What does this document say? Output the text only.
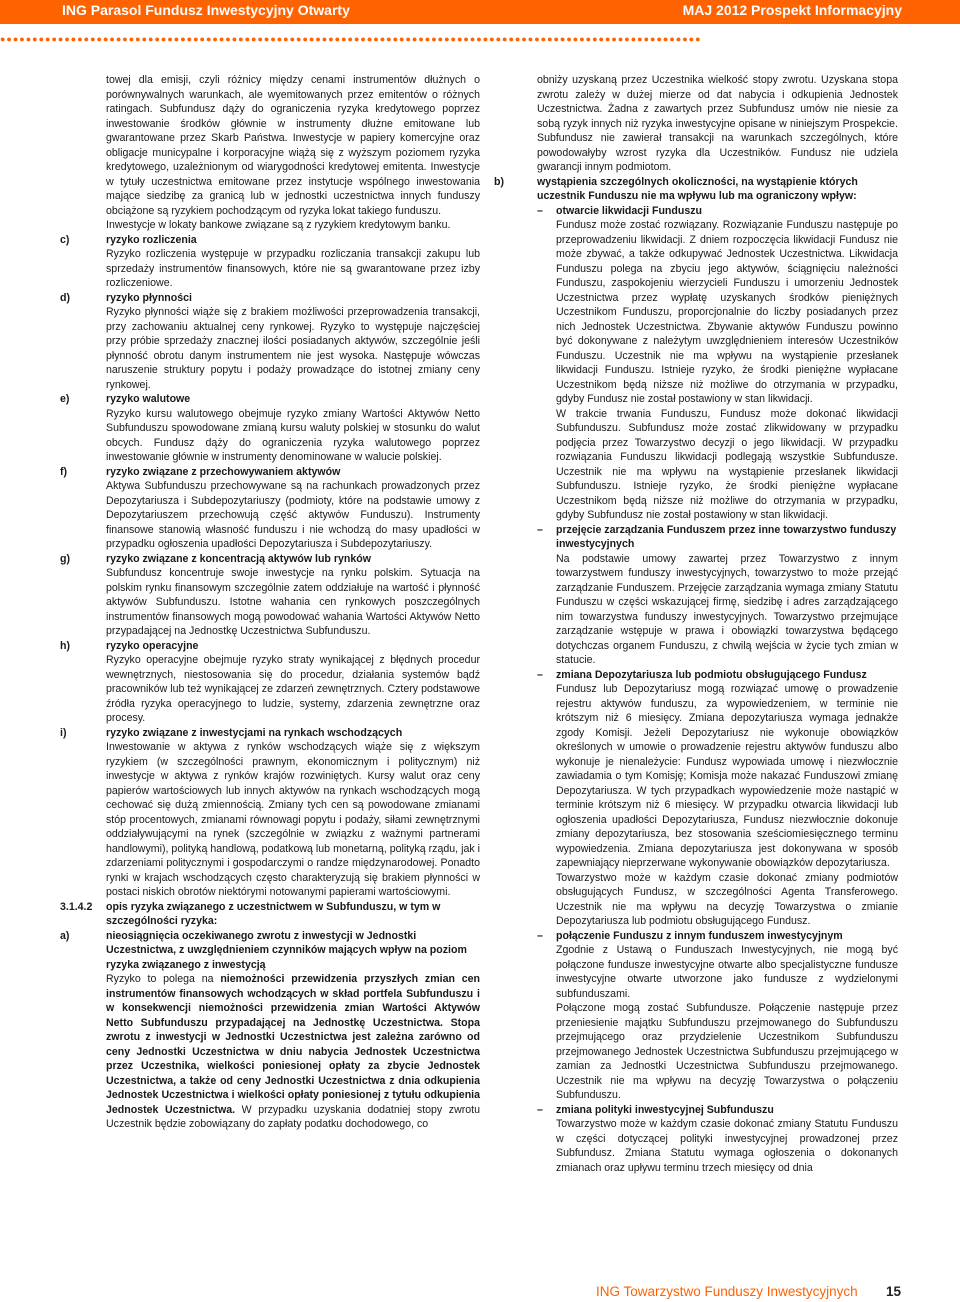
ING Parasol Fundusz Inwestycyjny Otwarty	MAJ 2012 Prospekt Informacyjny
●●●●●●●●●●●●●●●●●●●●●●●●●●●●●●●●●●●●●●●●●●●●●●●●●●●●●●●●●●●●●●●●●●●●●●●●●●●●●●●●●●●●●●●●●●●●●●●●●●●●●●●●●●●●●

towej dla emisji, czyli różnicy między cenami instrumentów dłużnych o porównywalnych warunkach, ale wyemitowanych przez emitentów o różnych ratingach. Subfundusz dąży do ograniczenia ryzyka kredytowego poprzez inwestowanie środków głównie w instrumenty dłużne emitowane lub gwarantowane przez Skarb Państwa. Inwestycje w papiery komercyjne oraz obligacje municypalne i korporacyjne wiążą się z wyższym poziomem ryzyka kredytowego, uzależnionym od wiarygodności kredytowej emitenta. Inwestycje w tytuły uczestnictwa emitowane przez instytucje wspólnego inwestowania mające siedzibę za granicą lub w jednostki uczestnictwa innych funduszy obciążone są ryzykiem pochodzącym od ryzyka lokat takiego funduszu.

Inwestycje w lokaty bankowe związane są z ryzykiem kredytowym banku.

c)	ryzyko rozliczenia

Ryzyko rozliczenia występuje w przypadku rozliczania transakcji zakupu lub sprzedaży instrumentów finansowych, które nie są gwarantowane przez izby rozliczeniowe.

d)	ryzyko płynności

Ryzyko płynności wiąże się z brakiem możliwości przeprowadzenia transakcji, przy zachowaniu aktualnej ceny rynkowej. Ryzyko to występuje najczęściej przy próbie sprzedaży znacznej ilości posiadanych aktywów, szczególnie jeśli płynność obrotu danym instrumentem nie jest wysoka. Następuje wówczas naruszenie struktury popytu i podaży prowadzące do istotnej zmiany ceny rynkowej.

e)	ryzyko walutowe

Ryzyko kursu walutowego obejmuje ryzyko zmiany Wartości Aktywów Netto Subfunduszu spowodowane zmianą kursu waluty polskiej w stosunku do walut obcych. Fundusz dąży do ograniczenia ryzyka walutowego poprzez inwestowanie głównie w instrumenty denominowane w walucie polskiej.

f)	ryzyko związane z przechowywaniem aktywów

Aktywa Subfunduszu przechowywane są na rachunkach prowadzonych przez Depozytariusza i Subdepozytariuszy (podmioty, które na podstawie umowy z Depozytariuszem przechowują część aktywów Funduszu). Instrumenty finansowe stanowią własność funduszu i nie wchodzą do masy upadłości w przypadku ogłoszenia upadłości Depozytariusza i Subdepozytariuszy.

g)	ryzyko związane z koncentracją aktywów lub rynków

Subfundusz koncentruje swoje inwestycje na rynku polskim. Sytuacja na polskim rynku finansowym szczególnie zatem oddziałuje na wartość i płynność aktywów Subfunduszu. Istotne wahania cen rynkowych poszczególnych instrumentów finansowych mogą powodować wahania Wartości Aktywów Netto przypadającej na Jednostkę Uczestnictwa Subfunduszu.

h)	ryzyko operacyjne

Ryzyko operacyjne obejmuje ryzyko straty wynikającej z błędnych procedur wewnętrznych, niestosowania się do procedur, działania systemów bądź pracowników lub też wynikającej ze zdarzeń zewnętrznych. Cztery podstawowe źródła ryzyka operacyjnego to ludzie, systemy, zdarzenia zewnętrzne oraz procesy.

i)	ryzyko związane z inwestycjami na rynkach wschodzących

Inwestowanie w aktywa z rynków wschodzących wiąże się z większym ryzykiem (w szczególności prawnym, ekonomicznym i politycznym) niż inwestycje w aktywa z rynków krajów rozwiniętych. Kursy walut oraz ceny papierów wartościowych lub innych aktywów na rynkach wschodzących mogą cechować się dużą zmiennością. Zmiany tych cen są powodowane zmianami stóp procentowych, zmianami równowagi popytu i podaży, siłami zewnętrznymi oddziaływującymi na rynek (szczególnie w związku z ważnymi partnerami handlowymi), polityką handlową, podatkową lub monetarną, polityką rządu, jak i zdarzeniami politycznymi i gospodarczymi o randze międzynarodowej. Ponadto rynki w krajach wschodzących często charakteryzują się brakiem płynności w postaci niskich obrotów niektórymi notowanymi papierami wartościowymi.

3.1.4.2 opis ryzyka związanego z uczestnictwem w Subfunduszu, w tym w szczególności ryzyka:

a)	nieosiągnięcia oczekiwanego zwrotu z inwestycji w Jednostki Uczestnictwa, z uwzględnieniem czynników mających wpływ na poziom ryzyka związanego z inwestycją

Ryzyko to polega na niemożności przewidzenia przyszłych zmian cen instrumentów finansowych wchodzących w skład portfela Subfunduszu i w konsekwencji niemożności przewidzenia zmian Wartości Aktywów Netto Subfunduszu przypadającej na Jednostkę Uczestnictwa. Stopa zwrotu z inwestycji w Jednostki Uczestnictwa jest zależna zarówno od ceny Jednostki Uczestnictwa w dniu nabycia Jednostek Uczestnictwa przez Uczestnika, wielkości poniesionej opłaty za zbycie Jednostek Uczestnictwa, a także od ceny Jednostki Uczestnictwa z dnia odkupienia Jednostek Uczestnictwa i wielkości opłaty poniesionej z tytułu odkupienia Jednostek Uczestnictwa. W przypadku uzyskania dodatniej stopy zwrotu Uczestnik będzie zobowiązany do zapłaty podatku dochodowego, co

obniży uzyskaną przez Uczestnika wielkość stopy zwrotu. Uzyskana stopa zwrotu zależy w dużej mierze od dat nabycia i odkupienia Jednostek Uczestnictwa. Żadna z zawartych przez Subfundusz umów nie niesie za sobą ryzyk innych niż ryzyka inwestycyjne opisane w niniejszym Prospekcie. Subfundusz nie zawierał transakcji na warunkach szczególnych, które powodowałyby wzrost ryzyka dla Uczestników. Fundusz nie udziela gwarancji innym podmiotom.

b)	wystąpienia szczególnych okoliczności, na wystąpienie których uczestnik Funduszu nie ma wpływu lub ma ograniczony wpływ:

– otwarcie likwidacji Funduszu

Fundusz może zostać rozwiązany. Rozwiązanie Funduszu następuje po przeprowadzeniu likwidacji. Z dniem rozpoczęcia likwidacji Fundusz nie może zbywać, a także odkupywać Jednostek Uczestnictwa. Likwidacja Funduszu polega na zbyciu jego aktywów, ściągnięciu należności Funduszu, zaspokojeniu wierzycieli Funduszu i umorzeniu Jednostek Uczestnictwa przez wypłatę uzyskanych środków pieniężnych Uczestnikom Funduszu, proporcjonalnie do liczby posiadanych przez nich Jednostek Uczestnictwa. Zbywanie aktywów Funduszu powinno być dokonywane z należytym uwzględnieniem interesów Uczestników Funduszu. Uczestnik nie ma wpływu na wystąpienie przesłanek likwidacji Funduszu. Istnieje ryzyko, że środki pieniężne wypłacane Uczestnikom będą niższe niż możliwe do otrzymania w przypadku, gdyby Fundusz nie został postawiony w stan likwidacji.

W trakcie trwania Funduszu, Fundusz może dokonać likwidacji Subfunduszu. Subfundusz może zostać zlikwidowany w przypadku podjęcia przez Towarzystwo decyzji o jego likwidacji. W przypadku rozwiązania Funduszu likwidacji podlegają wszystkie Subfundusze. Uczestnik nie ma wpływu na wystąpienie przesłanek likwidacji Subfunduszu. Istnieje ryzyko, że środki pieniężne wypłacane Uczestnikom będą niższe niż możliwe do otrzymania w przypadku, gdyby Subfundusz nie został postawiony w stan likwidacji.

– przejęcie zarządzania Funduszem przez inne towarzystwo funduszy inwestycyjnych

Na podstawie umowy zawartej przez Towarzystwo z innym towarzystwem funduszy inwestycyjnych, towarzystwo to może przejąć zarządzanie Funduszem. Przejęcie zarządzania wymaga zmiany Statutu Funduszu w części wskazującej firmę, siedzibę i adres zarządzającego nim towarzystwa funduszy inwestycyjnych. Towarzystwo przejmujące zarządzanie wstępuje w prawa i obowiązki towarzystwa będącego dotychczas organem Funduszu, z chwilą wejścia w życie tych zmian w statucie.

– zmiana Depozytariusza lub podmiotu obsługującego Fundusz

Fundusz lub Depozytariusz mogą rozwiązać umowę o prowadzenie rejestru aktywów funduszu, za wypowiedzeniem, w terminie nie krótszym niż 6 miesięcy. Zmiana depozytariusza wymaga jednakże zgody Komisji. Jeżeli Depozytariusz nie wykonuje obowiązków określonych w umowie o prowadzenie rejestru aktywów funduszu albo wykonuje je nienależycie: Fundusz wypowiada umowę i niezwłocznie zawiadamia o tym Komisję; Komisja może nakazać Funduszowi zmianę Depozytariusza. W tych przypadkach wypowiedzenie może nastąpić w terminie krótszym niż 6 miesięcy. W przypadku otwarcia likwidacji lub ogłoszenia upadłości Depozytariusza, Fundusz niezwłocznie dokonuje zmiany depozytariusza, bez stosowania sześciomiesięcznego terminu wypowiedzenia. Zmiana depozytariusza jest dokonywana w sposób zapewniający nieprzerwane wykonywanie obowiązków depozytariusza.

Towarzystwo może w każdym czasie dokonać zmiany podmiotów obsługujących Fundusz, w szczególności Agenta Transferowego. Uczestnik nie ma wpływu na decyzję Towarzystwa o zmianie Depozytariusza lub podmiotu obsługującego Fundusz.

– połączenie Funduszu z innym funduszem inwestycyjnym

Zgodnie z Ustawą o Funduszach Inwestycyjnych, nie mogą być połączone fundusze inwestycyjne otwarte albo specjalistyczne fundusze inwestycyjne otwarte utworzone jako fundusze z wydzielonymi subfunduszami.

Połączone mogą zostać Subfundusze. Połączenie następuje przez przeniesienie majątku Subfunduszu przejmowanego do Subfunduszu przejmującego oraz przydzielenie Uczestnikom Subfunduszu przejmowanego Jednostek Uczestnictwa Subfunduszu przejmującego w zamian za Jednostki Uczestnictwa Subfunduszu przejmowanego. Uczestnik nie ma wpływu na decyzję Towarzystwa o połączeniu Subfunduszu.

– zmiana polityki inwestycyjnej Subfunduszu

Towarzystwo może w każdym czasie dokonać zmiany Statutu Funduszu w części dotyczącej polityki inwestycyjnej prowadzonej przez Subfundusz. Zmiana Statutu wymaga ogłoszenia o dokonanych zmianach oraz upływu terminu trzech miesięcy od dnia

ING Towarzystwo Funduszy Inwestycyjnych 15
